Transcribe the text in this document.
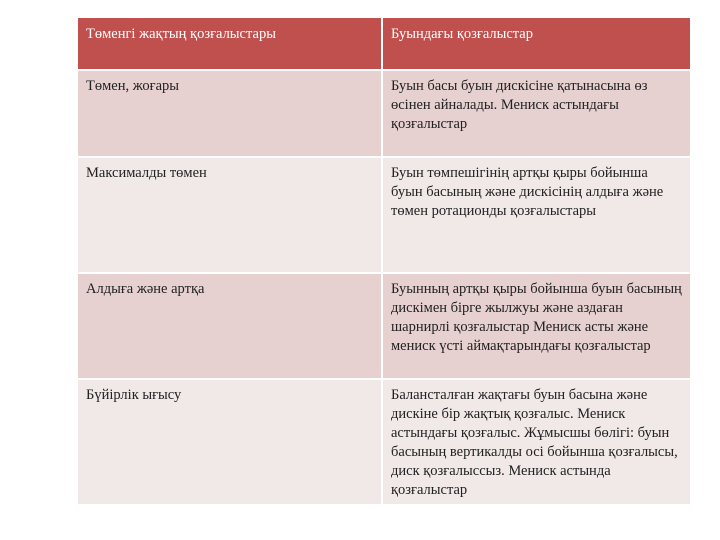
Төменгі жақтың қозғалыстары	Буындағы қозғалыстар
Төмен, жоғары	Буын басы буын дискісіне қатынасына өз өсінен айналады. Мениск астындағы қозғалыстар
Максималды төмен	Буын төмпешігінің артқы қыры бойынша буын басының және дискісінің алдыға және төмен ротационды қозғалыстары
Алдыға және артқа	Буынның артқы қыры бойынша буын басының дискімен бірге жылжуы және аздаған шарнирлі қозғалыстар Мениск асты және мениск үсті аймақтарындағы қозғалыстар
Бүйірлік ығысу	Балансталған жақтағы буын басына және дискіне бір жақтық қозғалыс. Мениск астындағы қозғалыс. Жұмысшы бөлігі: буын басының вертикалды осі бойынша қозғалысы, диск қозғалыссыз. Мениск астында қозғалыстар
